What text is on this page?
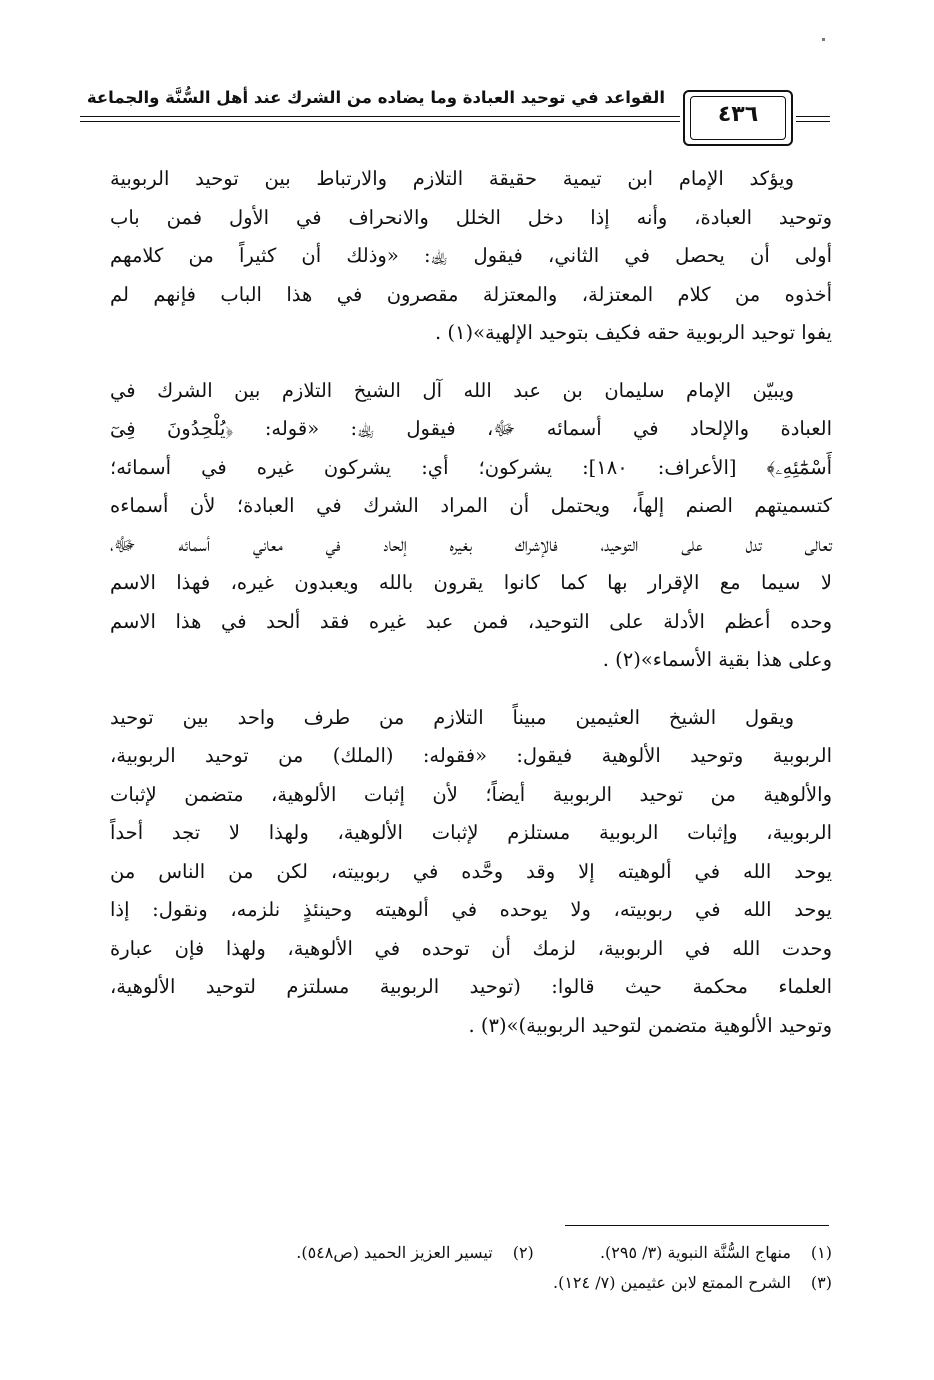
القواعد في توحيد العبادة وما يضاده من الشرك عند أهل السُّنَّة والجماعة
٤٣٦
ويؤكد الإمام ابن تيمية حقيقة التلازم والارتباط بين توحيد الربوبية
وتوحيد العبادة، وأنه إذا دخل الخلل والانحراف في الأول فمن باب
أولى أن يحصل في الثاني، فيقول ﵀: «وذلك أن كثيراً من كلامهم
أخذوه من كلام المعتزلة، والمعتزلة مقصرون في هذا الباب فإنهم لم
يفوا توحيد الربوبية حقه فكيف بتوحيد الإلهية»(١) .
ويبيّن الإمام سليمان بن عبد الله آل الشيخ التلازم بين الشرك في
العبادة والإلحاد في أسمائه ﷻ، فيقول ﵀: «قوله: ﴿يُلْحِدُونَ فِىٓ
أَسْمَٰٓئِهِۦ﴾ [الأعراف: ١٨٠]: يشركون؛ أي: يشركون غيره في أسمائه؛
كتسميتهم الصنم إلهاً، ويحتمل أن المراد الشرك في العبادة؛ لأن أسماءه
تعالى تدل على التوحيد، فالإشراك بغيره إلحاد في معاني أسمائه ﷻ،
لا سيما مع الإقرار بها كما كانوا يقرون بالله ويعبدون غيره، فهذا الاسم
وحده أعظم الأدلة على التوحيد، فمن عبد غيره فقد ألحد في هذا الاسم
وعلى هذا بقية الأسماء»(٢) .
ويقول الشيخ العثيمين مبيناً التلازم من طرف واحد بين توحيد
الربوبية وتوحيد الألوهية فيقول: «فقوله: (الملك) من توحيد الربوبية،
والألوهية من توحيد الربوبية أيضاً؛ لأن إثبات الألوهية، متضمن لإثبات
الربوبية، وإثبات الربوبية مستلزم لإثبات الألوهية، ولهذا لا تجد أحداً
يوحد الله في ألوهيته إلا وقد وحَّده في ربوبيته، لكن من الناس من
يوحد الله في ربوبيته، ولا يوحده في ألوهيته وحينئذٍ نلزمه، ونقول: إذا
وحدت الله في الربوبية، لزمك أن توحده في الألوهية، ولهذا فإن عبارة
العلماء محكمة حيث قالوا: (توحيد الربوبية مسلتزم لتوحيد الألوهية،
وتوحيد الألوهية متضمن لتوحيد الربوبية)»(٣) .
(١) منهاج السُّنَّة النبوية (٣/ ٢٩٥).  (٢) تيسير العزيز الحميد (ص٥٤٨).
(٣) الشرح الممتع لابن عثيمين (٧/ ١٢٤).
